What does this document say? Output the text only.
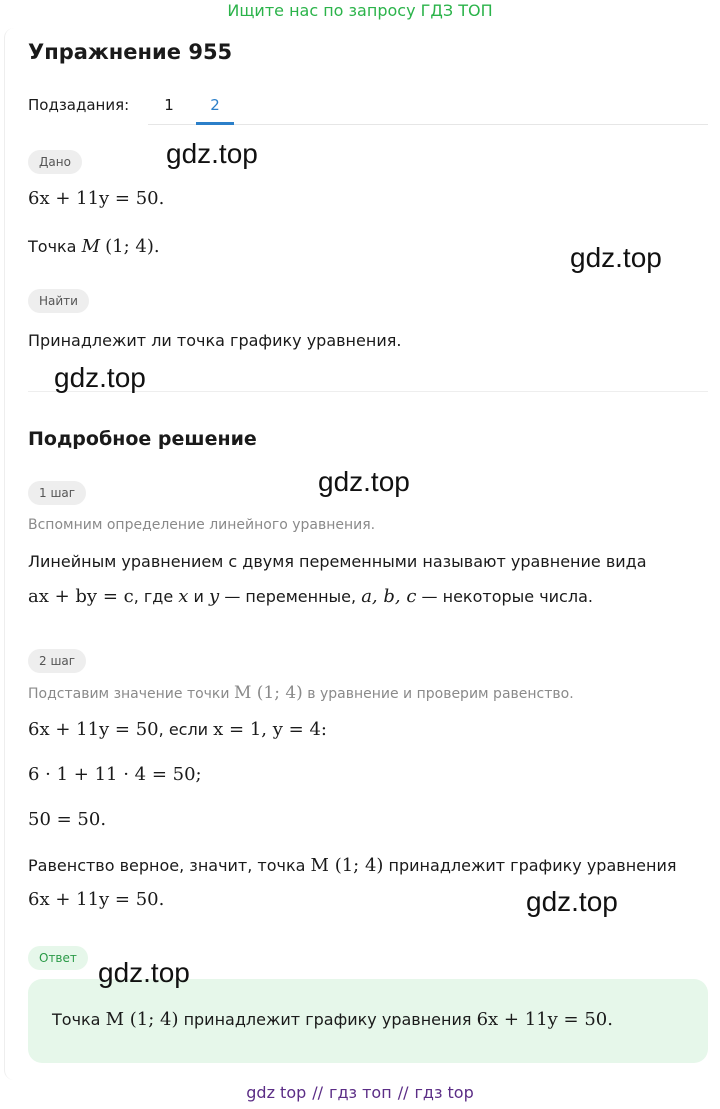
Ищите нас по запросу ГДЗ ТОП
Упражнение 955
Подзадания:	1	2
Дано
6x + 11y = 50.
Точка M (1; 4).
Найти
Принадлежит ли точка графику уравнения.
Подробное решение
1 шаг
Вспомним определение линейного уравнения.
Линейным уравнением с двумя переменными называют уравнение вида
ax + by = c, где x и y — переменные, a, b, c — некоторые числа.
2 шаг
Подставим значение точки M (1; 4) в уравнение и проверим равенство.
6x + 11y = 50, если x = 1, y = 4:
6 · 1 + 11 · 4 = 50;
50 = 50.
Равенство верное, значит, точка M (1; 4) принадлежит графику уравнения
6x + 11y = 50.
Ответ
Точка M (1; 4) принадлежит графику уравнения 6x + 11y = 50.
gdz.top
gdz.top
gdz.top
gdz.top
gdz.top
gdz.top
gdz top // гдз топ // гдз top
